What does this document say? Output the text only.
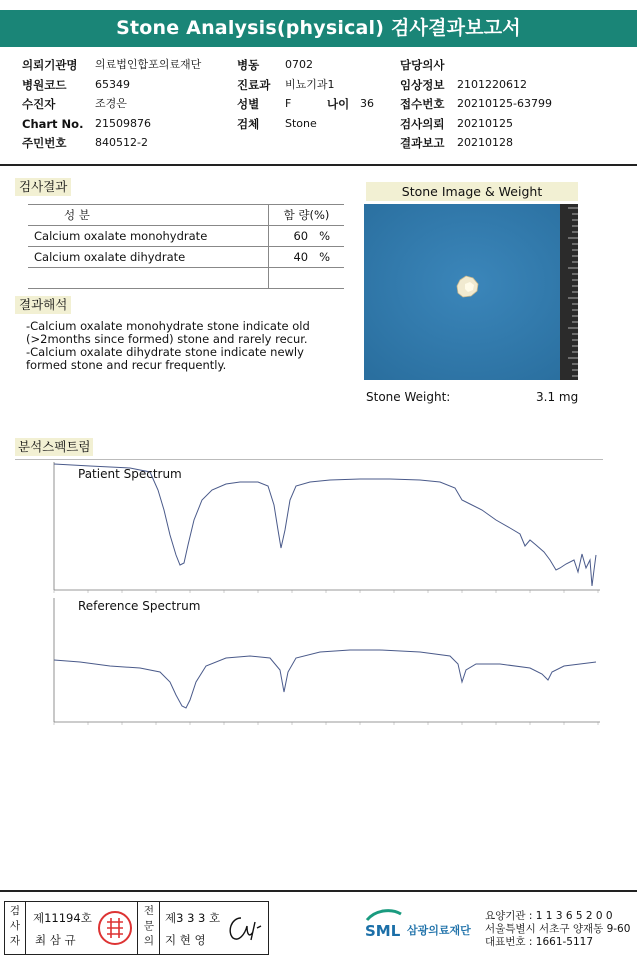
Stone Analysis(physical) 검사결과보고서
의뢰기관명 의료법인합포의료재단
병원코드	65349
수진자	조경은
Chart No. 21509876
주민번호	840512-2
병동 0702
진료과 비뇨기과1
성별 F	나이 36
검체 Stone
담당의사
임상정보 2101220612
접수번호 20210125-63799
검사의뢰 20210125
결과보고 20210128
검사결과
성 분	함 량(%)
Calcium oxalate monohydrate	60 %
Calcium oxalate dihydrate	40 %

결과해석
-Calcium oxalate monohydrate stone indicate old
(>2months since formed) stone and rarely recur.
-Calcium oxalate dihydrate stone indicate newly
formed stone and recur frequently.
Stone Image & Weight
Stone Weight:	3.1 mg
분석스펙트럼
Patient Spectrum
Reference Spectrum
검
사
자
제11194호
최 삼 규
전
문
의
제3 3 3 호
지 현 영	SML 삼광의료재단
요양기관 : 1 1 3 6 5 2 0 0
서울특별시 서초구 양재동 9-60
대표번호 : 1661-5117
